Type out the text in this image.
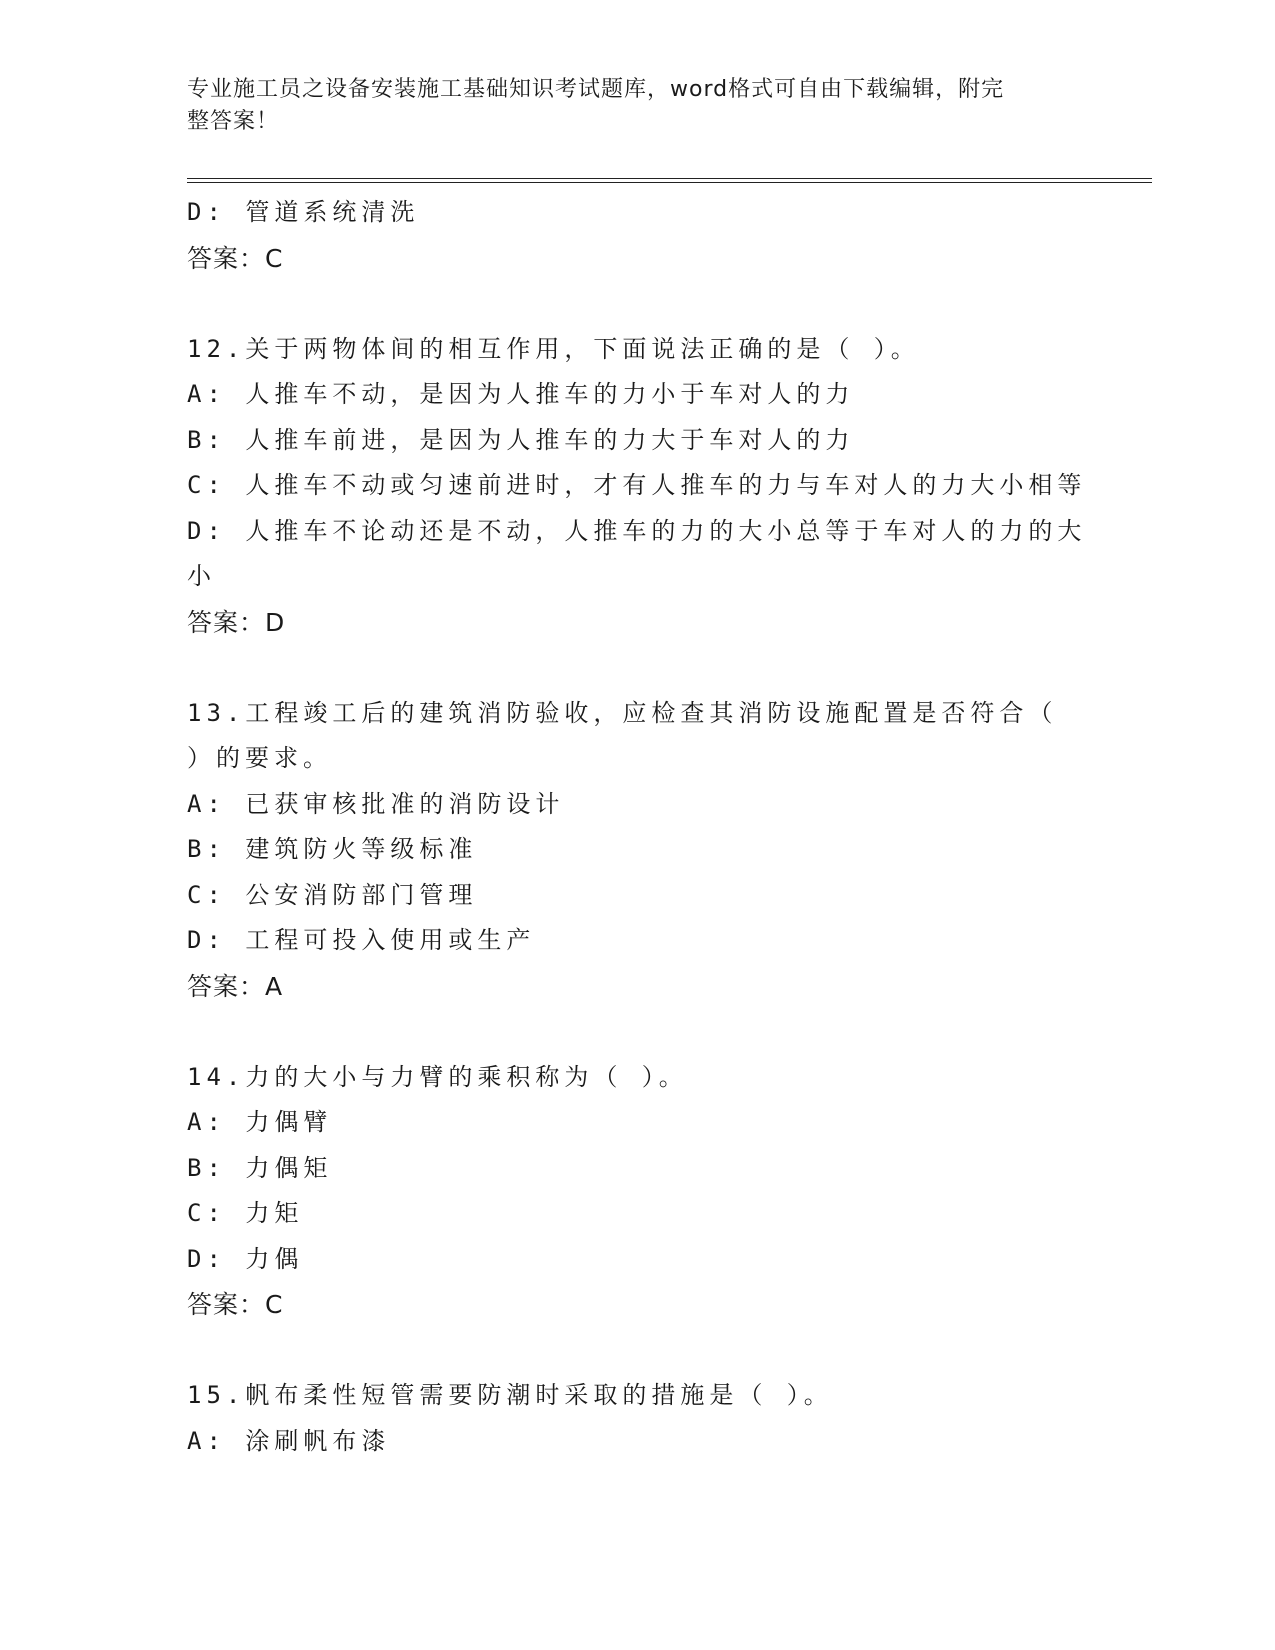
专业施工员之设备安装施工基础知识考试题库，word格式可自由下载编辑，附完
整答案！
D: 管道系统清洗
答案：C
12.关于两物体间的相互作用，下面说法正确的是（ ）。
A: 人推车不动，是因为人推车的力小于车对人的力
B: 人推车前进，是因为人推车的力大于车对人的力
C: 人推车不动或匀速前进时，才有人推车的力与车对人的力大小相等
D: 人推车不论动还是不动，人推车的力的大小总等于车对人的力的大
小
答案：D
13.工程竣工后的建筑消防验收，应检查其消防设施配置是否符合（
）的要求。
A: 已获审核批准的消防设计
B: 建筑防火等级标准
C: 公安消防部门管理
D: 工程可投入使用或生产
答案：A
14.力的大小与力臂的乘积称为（ ）。
A: 力偶臂
B: 力偶矩
C: 力矩
D: 力偶
答案：C
15.帆布柔性短管需要防潮时采取的措施是（ ）。
A: 涂刷帆布漆
